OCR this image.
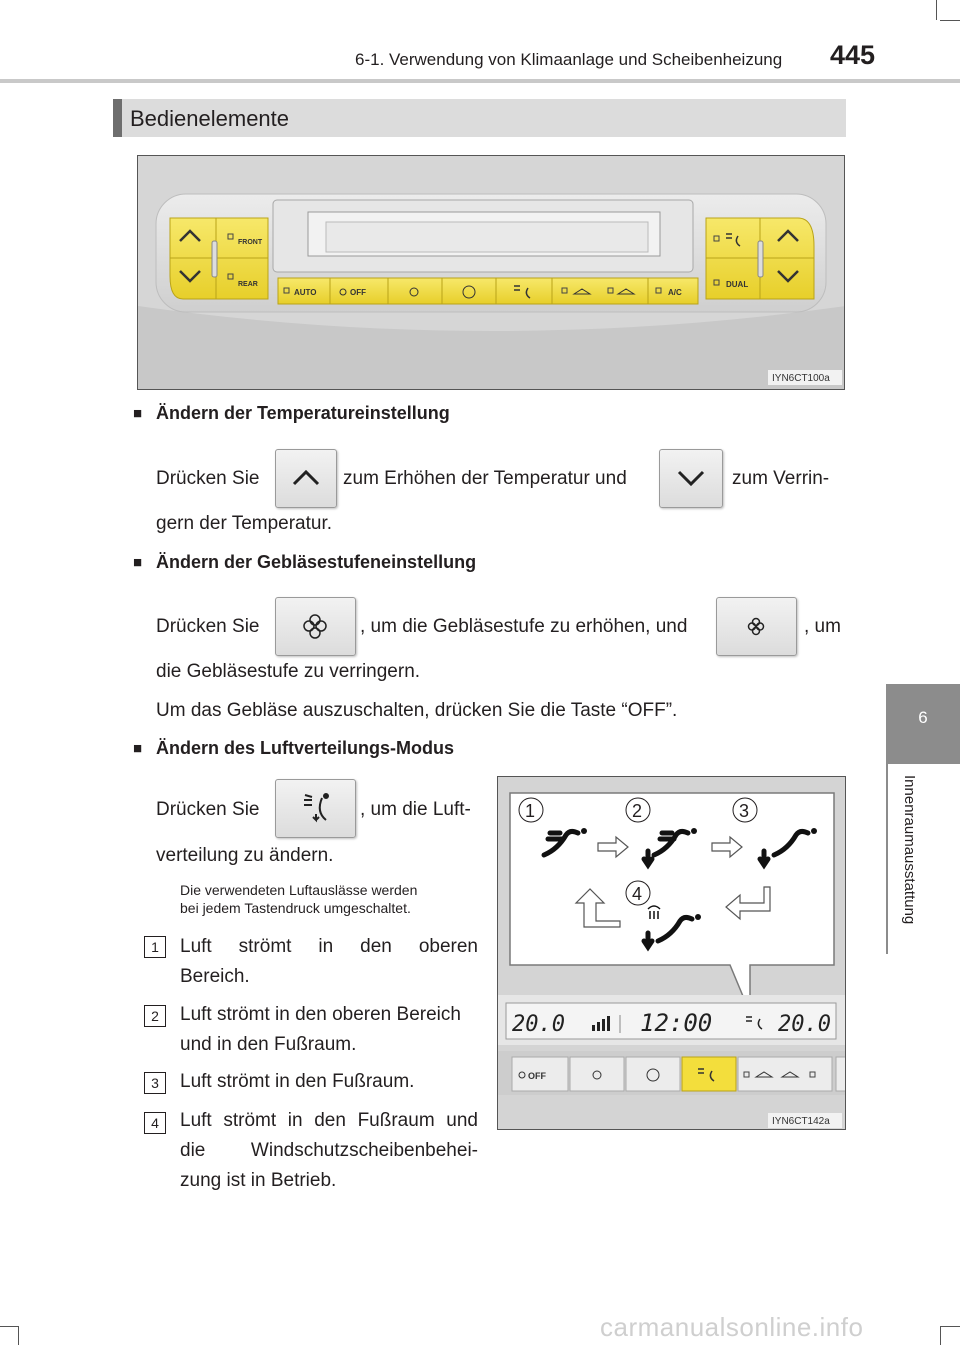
6-1. Verwendung von Klimaanlage und Scheibenheizung 445
6
Innenraumausstattung
Bedienelemente
FRONT
REAR
AUTO	OFF	A/C
DUAL
IYN6CT100a
■ Ändern der Temperatureinstellung
Drücken Sie	zum Erhöhen der Temperatur und	zum Verrin-
gern der Temperatur.
■ Ändern der Gebläsestufeneinstellung
Drücken Sie	, um die Gebläsestufe zu erhöhen, und	, um
die Gebläsestufe zu verringern.
Um das Gebläse auszuschalten, drücken Sie die Taste “OFF”.
■ Ändern des Luftverteilungs-Modus
Drücken Sie	, um die Luft-
verteilung zu ändern.
Die verwendeten Luftauslässe werden
bei jedem Tastendruck umgeschaltet.
1	Luft strömt in den oberen
Bereich.
2	Luft strömt in den oberen Bereich
und in den Fußraum.
3	Luft strömt in den Fußraum.
4	Luft strömt in den Fußraum und
die Windschutzscheibenbehei-
zung ist in Betrieb.
1	2	3
4
20.0	12:00	20.0
OFF
IYN6CT142a
carmanualsonline.info
